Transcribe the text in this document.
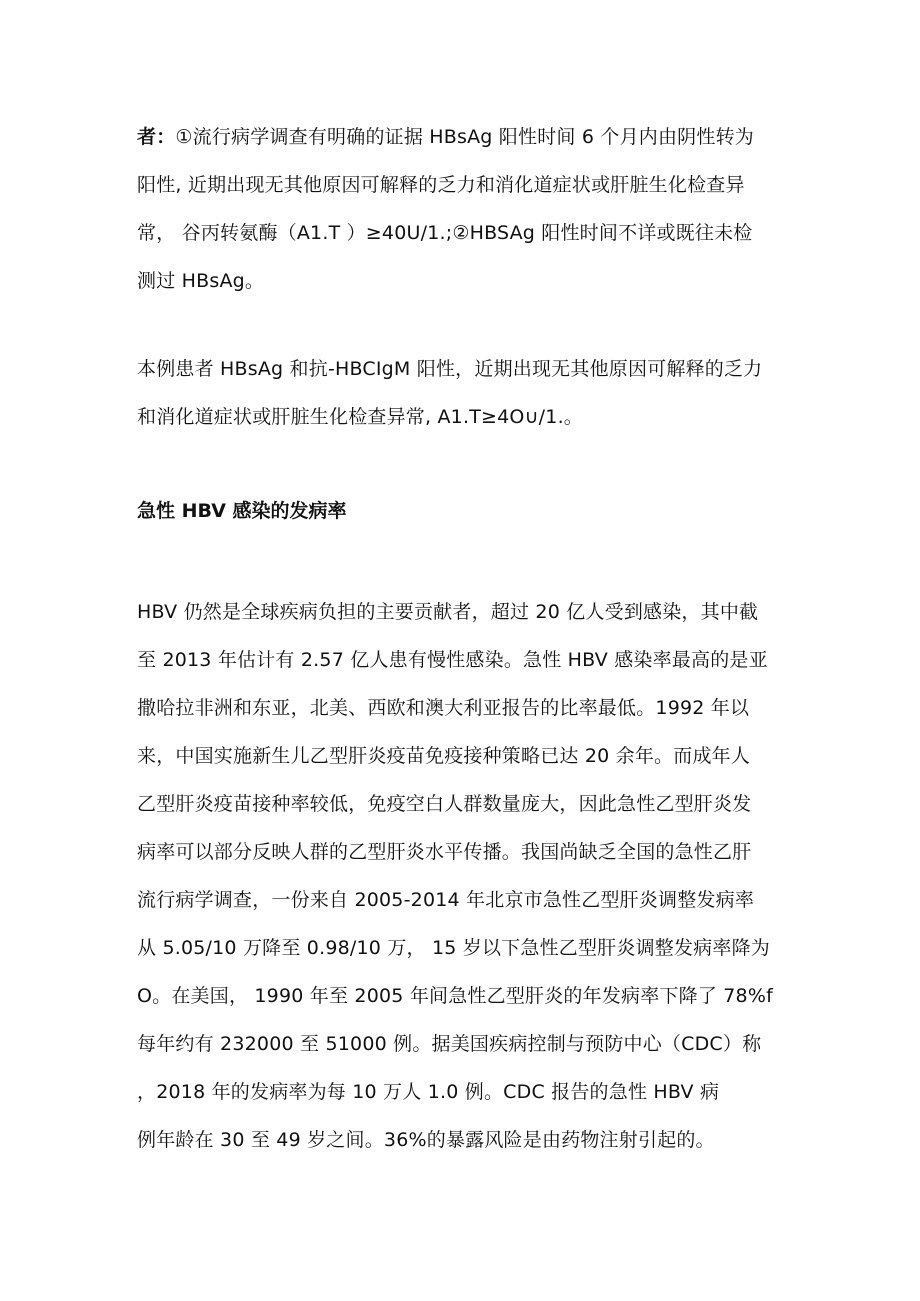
者：①流行病学调查有明确的证据 HBsAg 阳性时间 6 个月内由阴性转为
阳性, 近期出现无其他原因可解释的乏力和消化道症状或肝脏生化检查异
常， 谷丙转氨酶（A1.T ）≥40U/1.;②HBSAg 阳性时间不详或既往未检
测过 HBsAg。
本例患者 HBsAg 和抗-HBCIgM 阳性，近期出现无其他原因可解释的乏力
和消化道症状或肝脏生化检查异常, A1.T≥4O∪/1.。
急性 HBV 感染的发病率
HBV 仍然是全球疾病负担的主要贡献者，超过 20 亿人受到感染，其中截
至 2013 年估计有 2.57 亿人患有慢性感染。急性 HBV 感染率最高的是亚
撒哈拉非洲和东亚，北美、西欧和澳大利亚报告的比率最低。1992 年以
来，中国实施新生儿乙型肝炎疫苗免疫接种策略已达 20 余年。而成年人
乙型肝炎疫苗接种率较低，免疫空白人群数量庞大，因此急性乙型肝炎发
病率可以部分反映人群的乙型肝炎水平传播。我国尚缺乏全国的急性乙肝
流行病学调查，一份来自 2005-2014 年北京市急性乙型肝炎调整发病率
从 5.05/10 万降至 0.98/10 万， 15 岁以下急性乙型肝炎调整发病率降为
O。在美国， 1990 年至 2005 年间急性乙型肝炎的年发病率下降了 78%f
每年约有 232000 至 51000 例。据美国疾病控制与预防中心（CDC）称
，2018 年的发病率为每 10 万人 1.0 例。CDC 报告的急性 HBV 病
例年龄在 30 至 49 岁之间。36%的暴露风险是由药物注射引起的。
